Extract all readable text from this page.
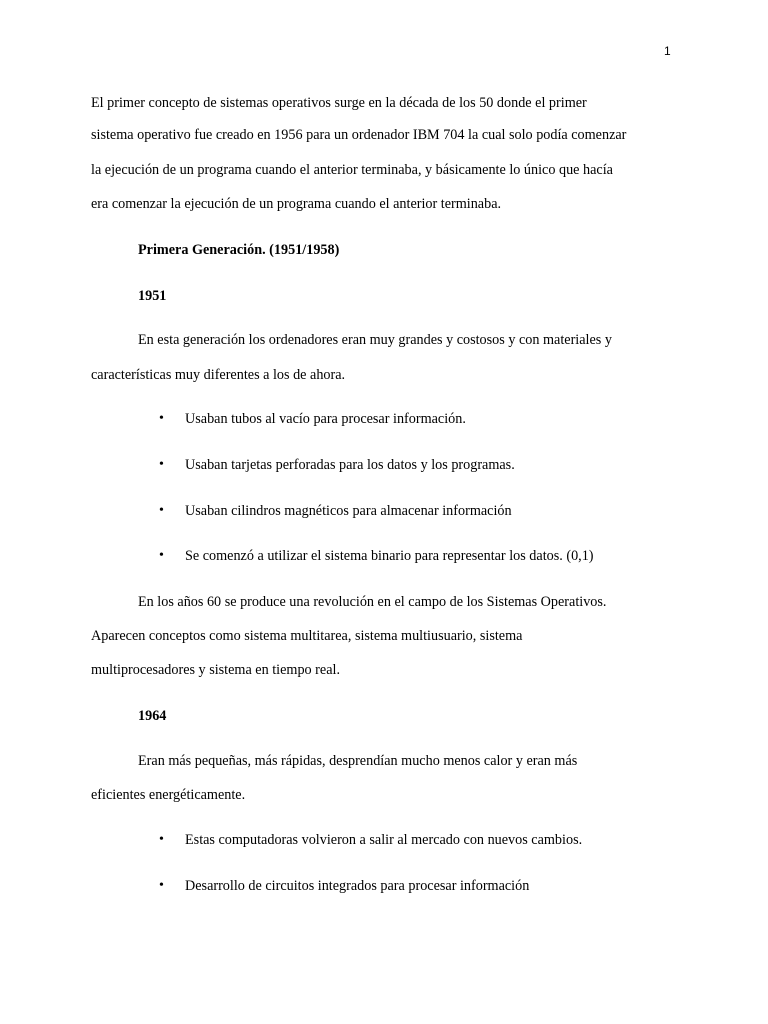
1
El primer concepto de sistemas operativos surge en la década de los 50 donde el primer
sistema operativo fue creado en 1956 para un ordenador IBM 704 la cual solo podía comenzar
la ejecución de un programa cuando el anterior terminaba, y básicamente lo único que hacía
era comenzar la ejecución de un programa cuando el anterior terminaba.
Primera Generación. (1951/1958)
1951
En esta generación los ordenadores eran muy grandes y costosos y con materiales y
características muy diferentes a los de ahora.
• Usaban tubos al vacío para procesar información.
• Usaban tarjetas perforadas para los datos y los programas.
• Usaban cilindros magnéticos para almacenar información
• Se comenzó a utilizar el sistema binario para representar los datos. (0,1)
En los años 60 se produce una revolución en el campo de los Sistemas Operativos.
Aparecen conceptos como sistema multitarea, sistema multiusuario, sistema
multiprocesadores y sistema en tiempo real.
1964
Eran más pequeñas, más rápidas, desprendían mucho menos calor y eran más
eficientes energéticamente.
• Estas computadoras volvieron a salir al mercado con nuevos cambios.
• Desarrollo de circuitos integrados para procesar información
